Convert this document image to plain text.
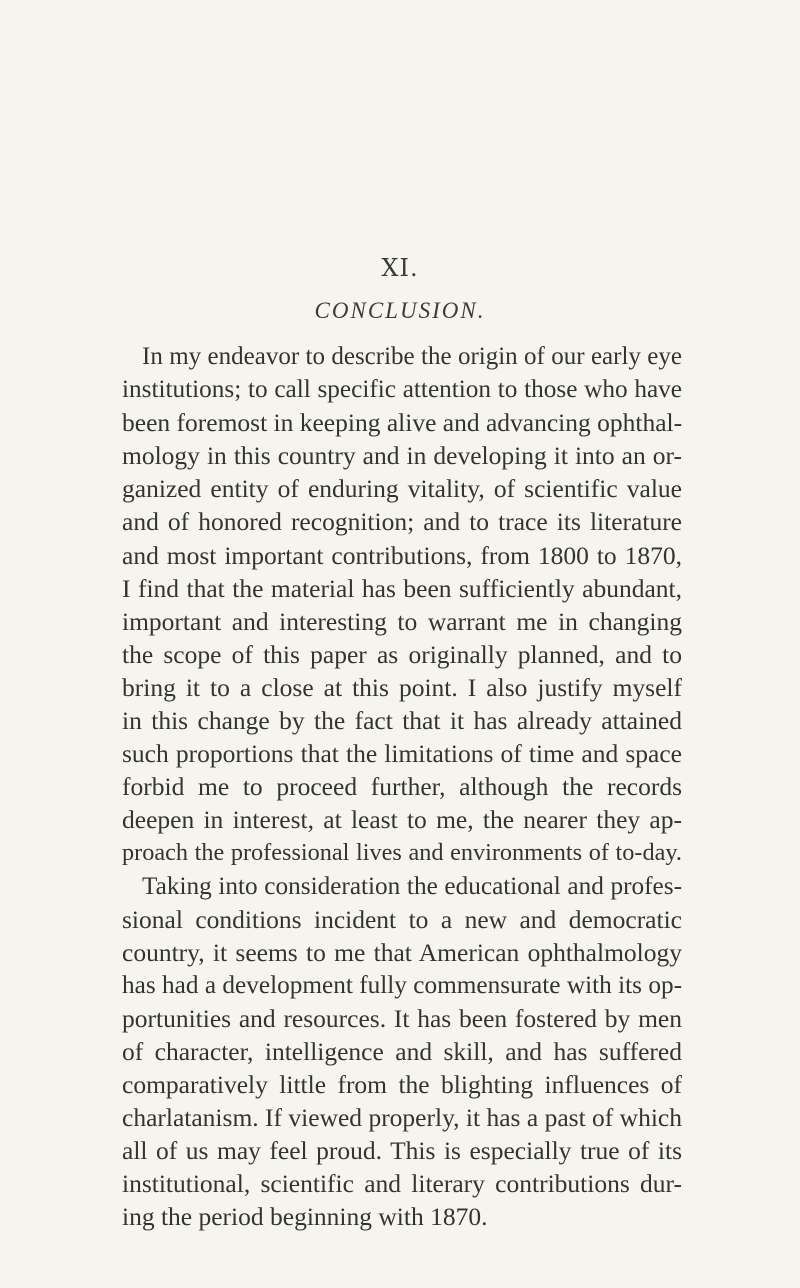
XI.
CONCLUSION.
In my endeavor to describe the origin of our early eye
institutions; to call specific attention to those who have
been foremost in keeping alive and advancing ophthal-
mology in this country and in developing it into an or-
ganized entity of enduring vitality, of scientific value
and of honored recognition; and to trace its literature
and most important contributions, from 1800 to 1870,
I find that the material has been sufficiently abundant,
important and interesting to warrant me in changing
the scope of this paper as originally planned, and to
bring it to a close at this point. I also justify myself
in this change by the fact that it has already attained
such proportions that the limitations of time and space
forbid me to proceed further, although the records
deepen in interest, at least to me, the nearer they ap-
proach the professional lives and environments of to-day.
Taking into consideration the educational and profes-
sional conditions incident to a new and democratic
country, it seems to me that American ophthalmology
has had a development fully commensurate with its op-
portunities and resources. It has been fostered by men
of character, intelligence and skill, and has suffered
comparatively little from the blighting influences of
charlatanism. If viewed properly, it has a past of which
all of us may feel proud. This is especially true of its
institutional, scientific and literary contributions dur-
ing the period beginning with 1870.
